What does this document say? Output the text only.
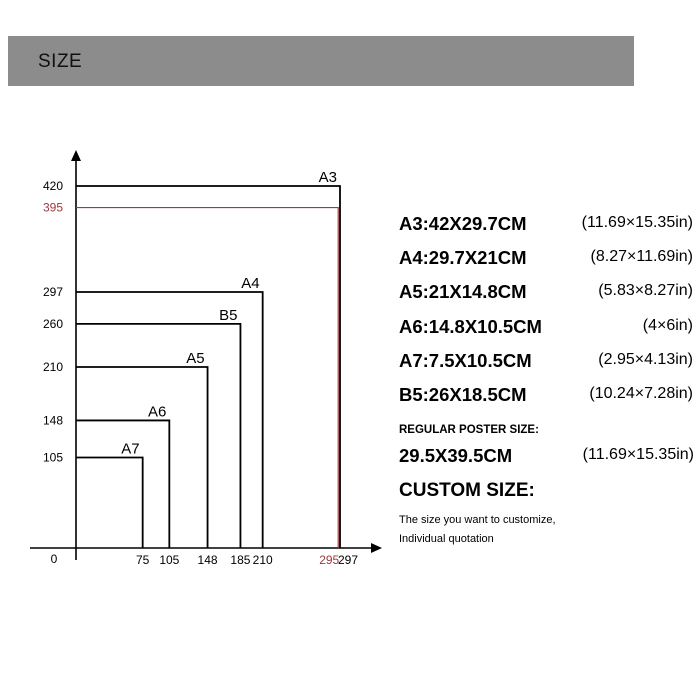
SIZE
A3
A4
B5
A5
A6
A7
75 105 148 185 210	295
297
105
148
210
260
297
395
420
0
A3:42X29.7CM	(11.69×15.35in)
A4:29.7X21CM	(8.27×11.69in)
A5:21X14.8CM	(5.83×8.27in)
A6:14.8X10.5CM	(4×6in)
A7:7.5X10.5CM	(2.95×4.13in)
B5:26X18.5CM	(10.24×7.28in)
REGULAR POSTER SIZE:
29.5X39.5CM	(11.69×15.35in)
CUSTOM SIZE:
The size you want to customize,
Individual quotation
